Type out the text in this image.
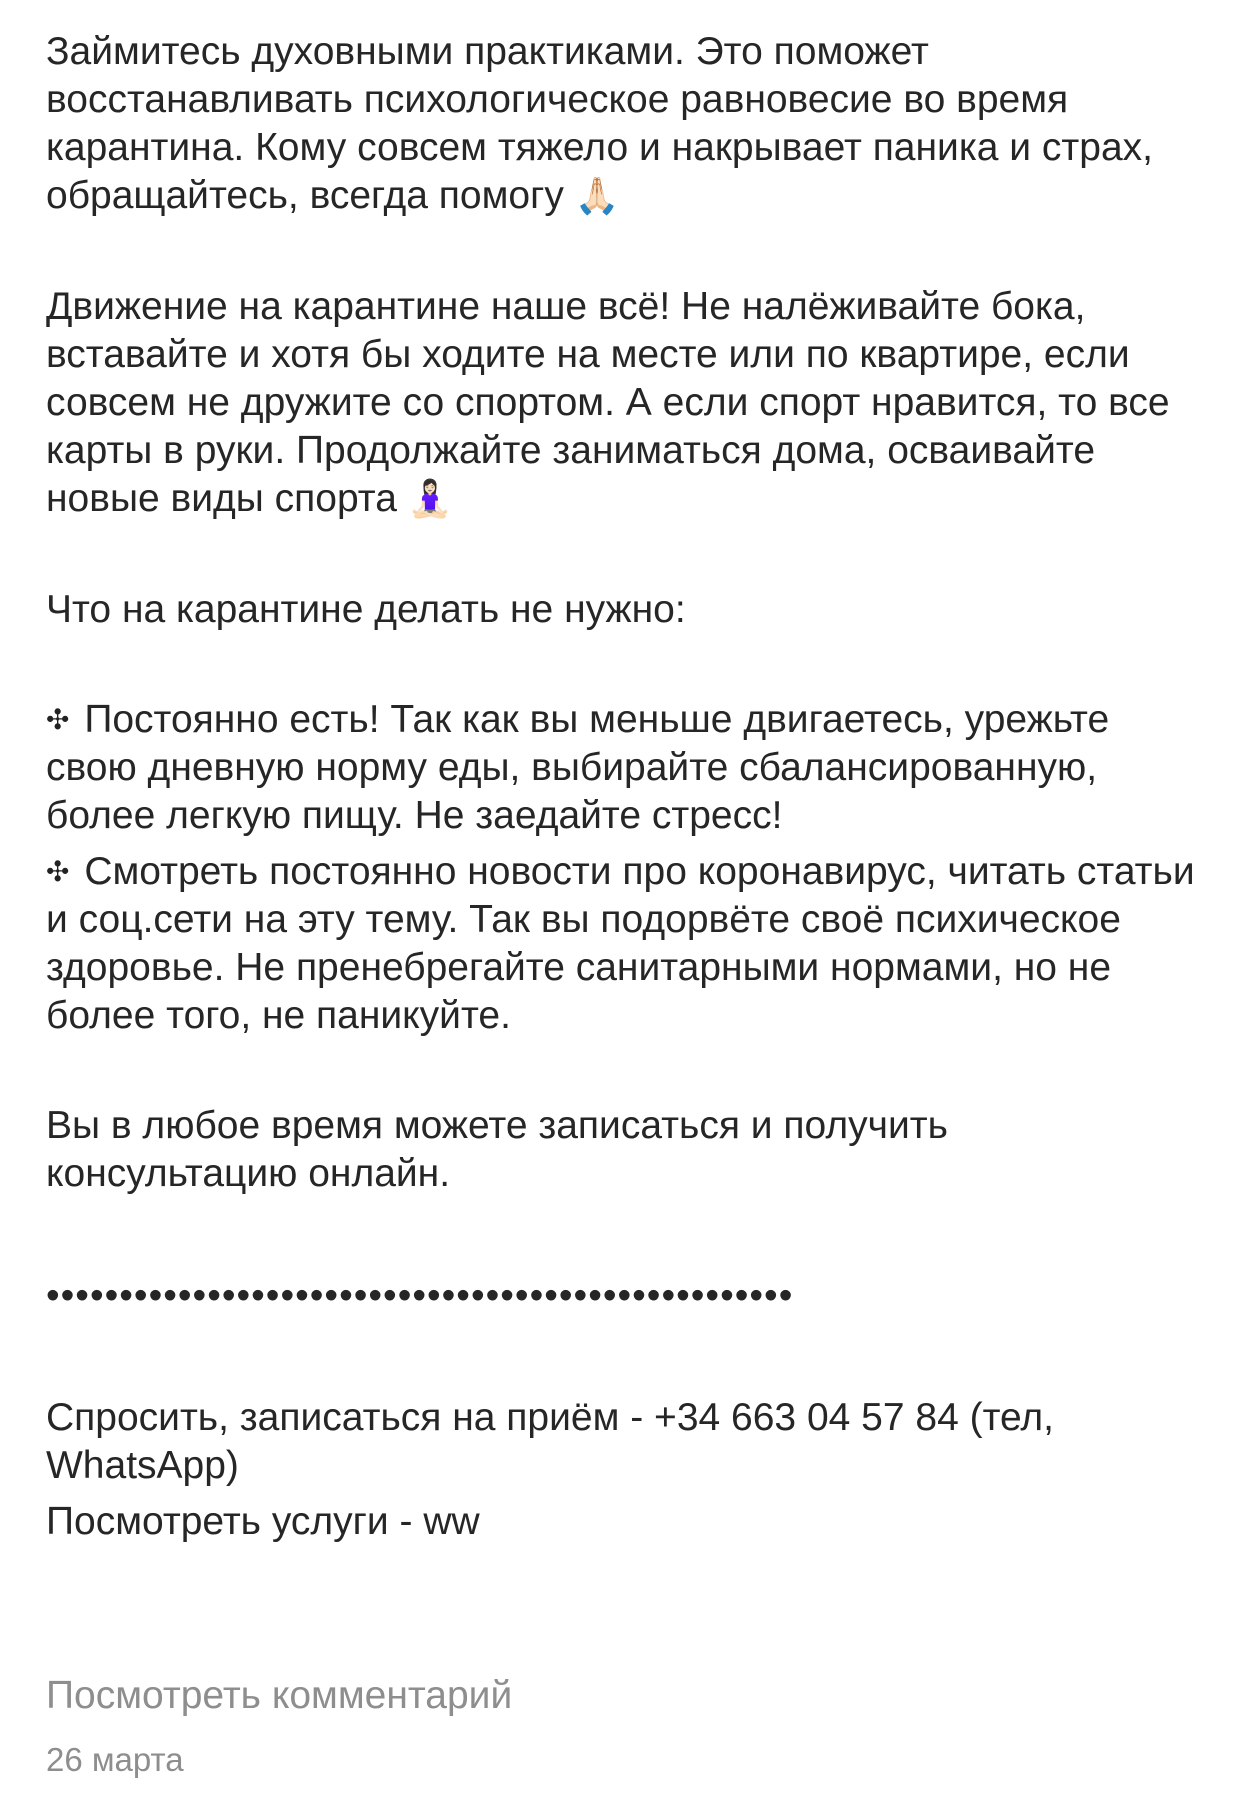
Займитесь духовными практиками. Это поможет восстанавливать психологическое равновесие во время карантина. Кому совсем тяжело и накрывает паника и страх, обращайтесь, всегда помогу 🙏🏻

Движение на карантине наше всё! Не налёживайте бока, вставайте и хотя бы ходите на месте или по квартире, если совсем не дружите со спортом. А если спорт нравится, то все карты в руки. Продолжайте заниматься дома, осваивайте новые виды спорта 🧘🏻‍♀️

Что на карантине делать не нужно:

✣ Постоянно есть! Так как вы меньше двигаетесь, урежьте свою дневную норму еды, выбирайте сбалансированную, более легкую пищу. Не заедайте стресс!

✣ Смотреть постоянно новости про коронавирус, читать статьи и соц.сети на эту тему. Так вы подорвёте своё психическое здоровье. Не пренебрегайте санитарными нормами, но не более того, не паникуйте.

Вы в любое время можете записаться и получить консультацию онлайн.

•••••••••••••••••••••••••••••••••••••••••••••••••••

Спросить, записаться на приём - +34 663 04 57 84 (тел, WhatsApp)

Посмотреть услуги - ww

Посмотреть комментарий
26 марта
